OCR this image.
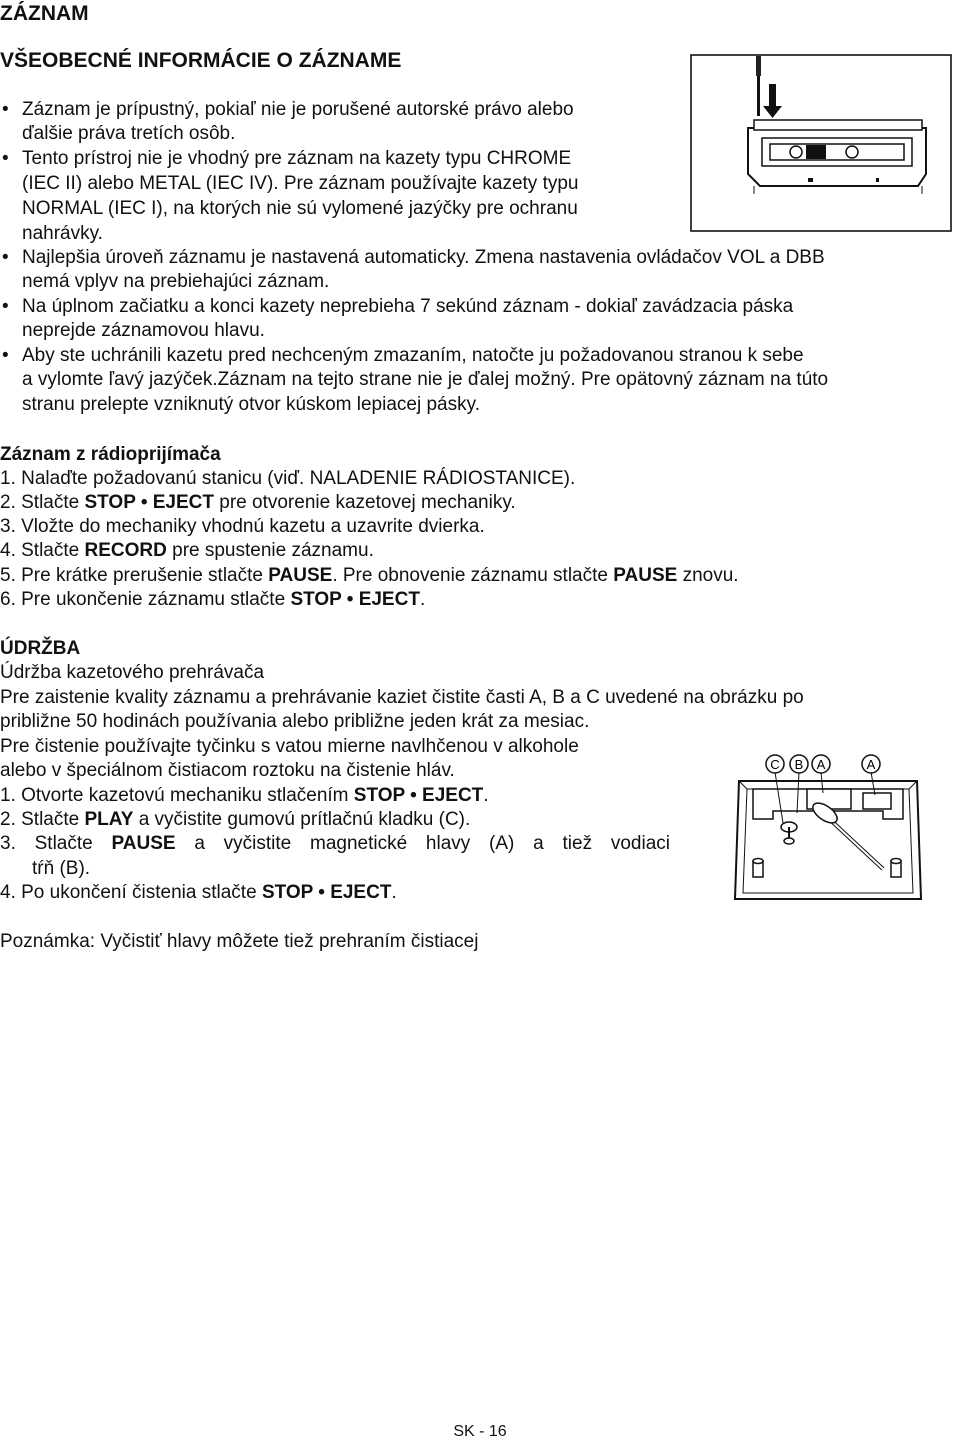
ZÁZNAM
VŠEOBECNÉ INFORMÁCIE O ZÁZNAME
• Záznam je prípustný, pokiaľ nie je porušené autorské právo alebo
ďalšie práva tretích osôb.
• Tento prístroj nie je vhodný pre záznam na kazety typu CHROME
(IEC II) alebo METAL (IEC IV). Pre záznam používajte kazety typu
NORMAL (IEC I), na ktorých nie sú vylomené jazýčky pre ochranu
nahrávky.
• Najlepšia úroveň záznamu je nastavená automaticky. Zmena nastavenia ovládačov VOL a DBB
nemá vplyv na prebiehajúci záznam.
• Na úplnom začiatku a konci kazety neprebieha 7 sekúnd záznam - dokiaľ zavádzacia páska
neprejde záznamovou hlavu.
• Aby ste uchránili kazetu pred nechceným zmazaním, natočte ju požadovanou stranou k sebe
a vylomte ľavý jazýček.Záznam na tejto strane nie je ďalej možný. Pre opätovný záznam na túto
stranu prelepte vzniknutý otvor kúskom lepiacej pásky.
Záznam z rádioprijímača
1. Nalaďte požadovanú stanicu (viď. NALADENIE RÁDIOSTANICE).
2. Stlačte STOP • EJECT pre otvorenie kazetovej mechaniky.
3. Vložte do mechaniky vhodnú kazetu a uzavrite dvierka.
4. Stlačte RECORD pre spustenie záznamu.
5. Pre krátke prerušenie stlačte PAUSE. Pre obnovenie záznamu stlačte PAUSE znovu.
6. Pre ukončenie záznamu stlačte STOP • EJECT.
ÚDRŽBA
Údržba kazetového prehrávača
Pre zaistenie kvality záznamu a prehrávanie kaziet čistite časti A, B a C uvedené na obrázku po
približne 50 hodinách používania alebo približne jeden krát za mesiac.
Pre čistenie používajte tyčinku s vatou mierne navlhčenou v alkohole
alebo v špeciálnom čistiacom roztoku na čistenie hláv.
1. Otvorte kazetovú mechaniku stlačením STOP • EJECT.
2. Stlačte PLAY a vyčistite gumovú prítlačnú kladku (C).
3. Stlačte PAUSE a vyčistite magnetické hlavy (A) a tiež vodiaci
tŕň (B).
4. Po ukončení čistenia stlačte STOP • EJECT.
C B A	A
Poznámka: Vyčistiť hlavy môžete tiež prehraním čistiacej
SK - 16
